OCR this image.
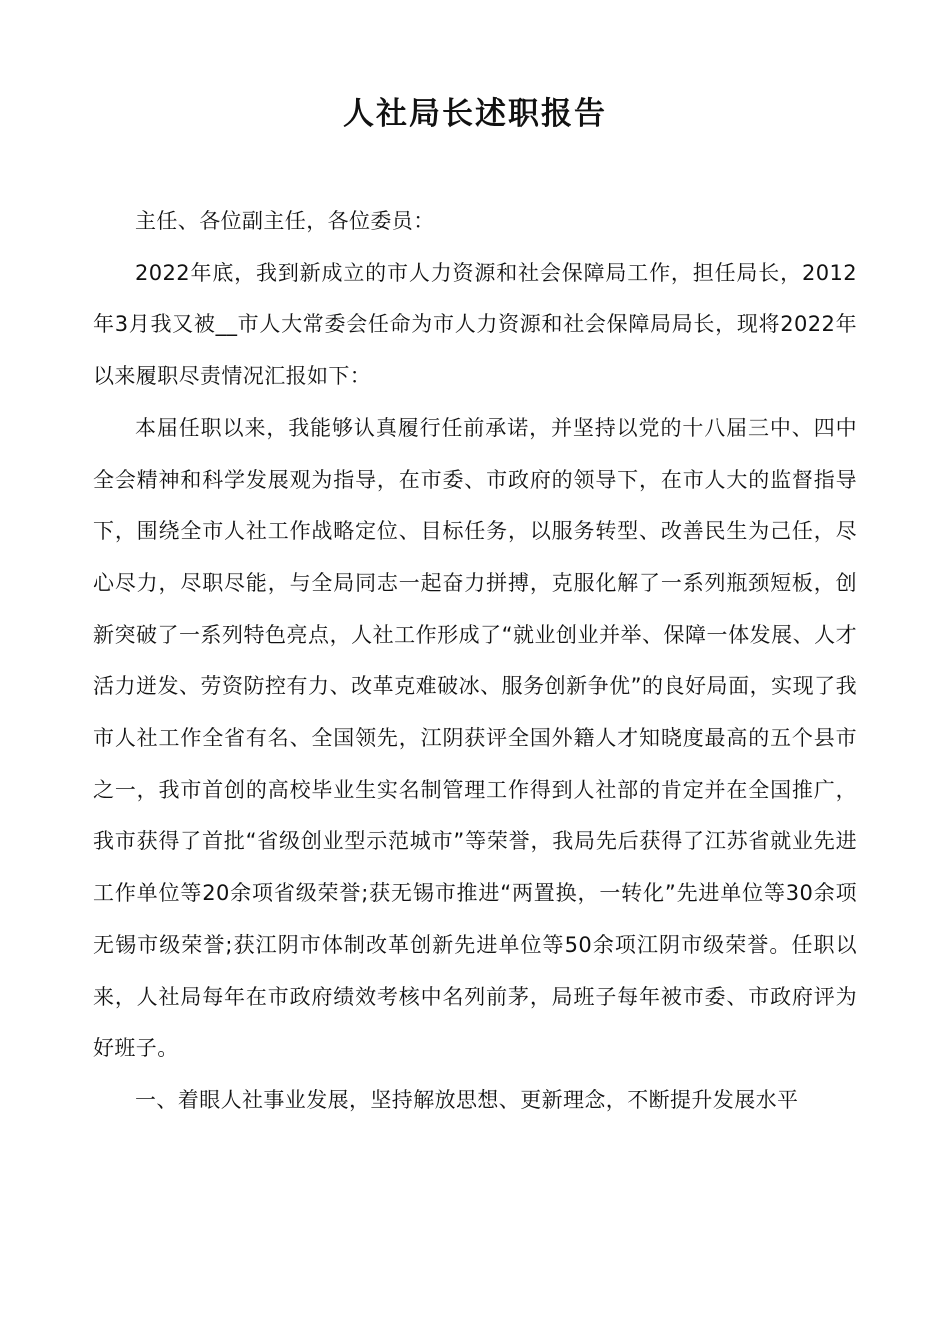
人社局长述职报告

主任、各位副主任，各位委员：

2022年底，我到新成立的市人力资源和社会保障局工作，担任局长，2012年3月我又被__市人大常委会任命为市人力资源和社会保障局局长，现将2022年以来履职尽责情况汇报如下：

本届任职以来，我能够认真履行任前承诺，并坚持以党的十八届三中、四中全会精神和科学发展观为指导，在市委、市政府的领导下，在市人大的监督指导下，围绕全市人社工作战略定位、目标任务，以服务转型、改善民生为己任，尽心尽力，尽职尽能，与全局同志一起奋力拼搏，克服化解了一系列瓶颈短板，创新突破了一系列特色亮点，人社工作形成了“就业创业并举、保障一体发展、人才活力迸发、劳资防控有力、改革克难破冰、服务创新争优”的良好局面，实现了我市人社工作全省有名、全国领先，江阴获评全国外籍人才知晓度最高的五个县市之一，我市首创的高校毕业生实名制管理工作得到人社部的肯定并在全国推广，我市获得了首批“省级创业型示范城市”等荣誉，我局先后获得了江苏省就业先进工作单位等20余项省级荣誉;获无锡市推进“两置换，一转化”先进单位等30余项无锡市级荣誉;获江阴市体制改革创新先进单位等50余项江阴市级荣誉。任职以来，人社局每年在市政府绩效考核中名列前茅，局班子每年被市委、市政府评为好班子。

一、着眼人社事业发展，坚持解放思想、更新理念，不断提升发展水平
